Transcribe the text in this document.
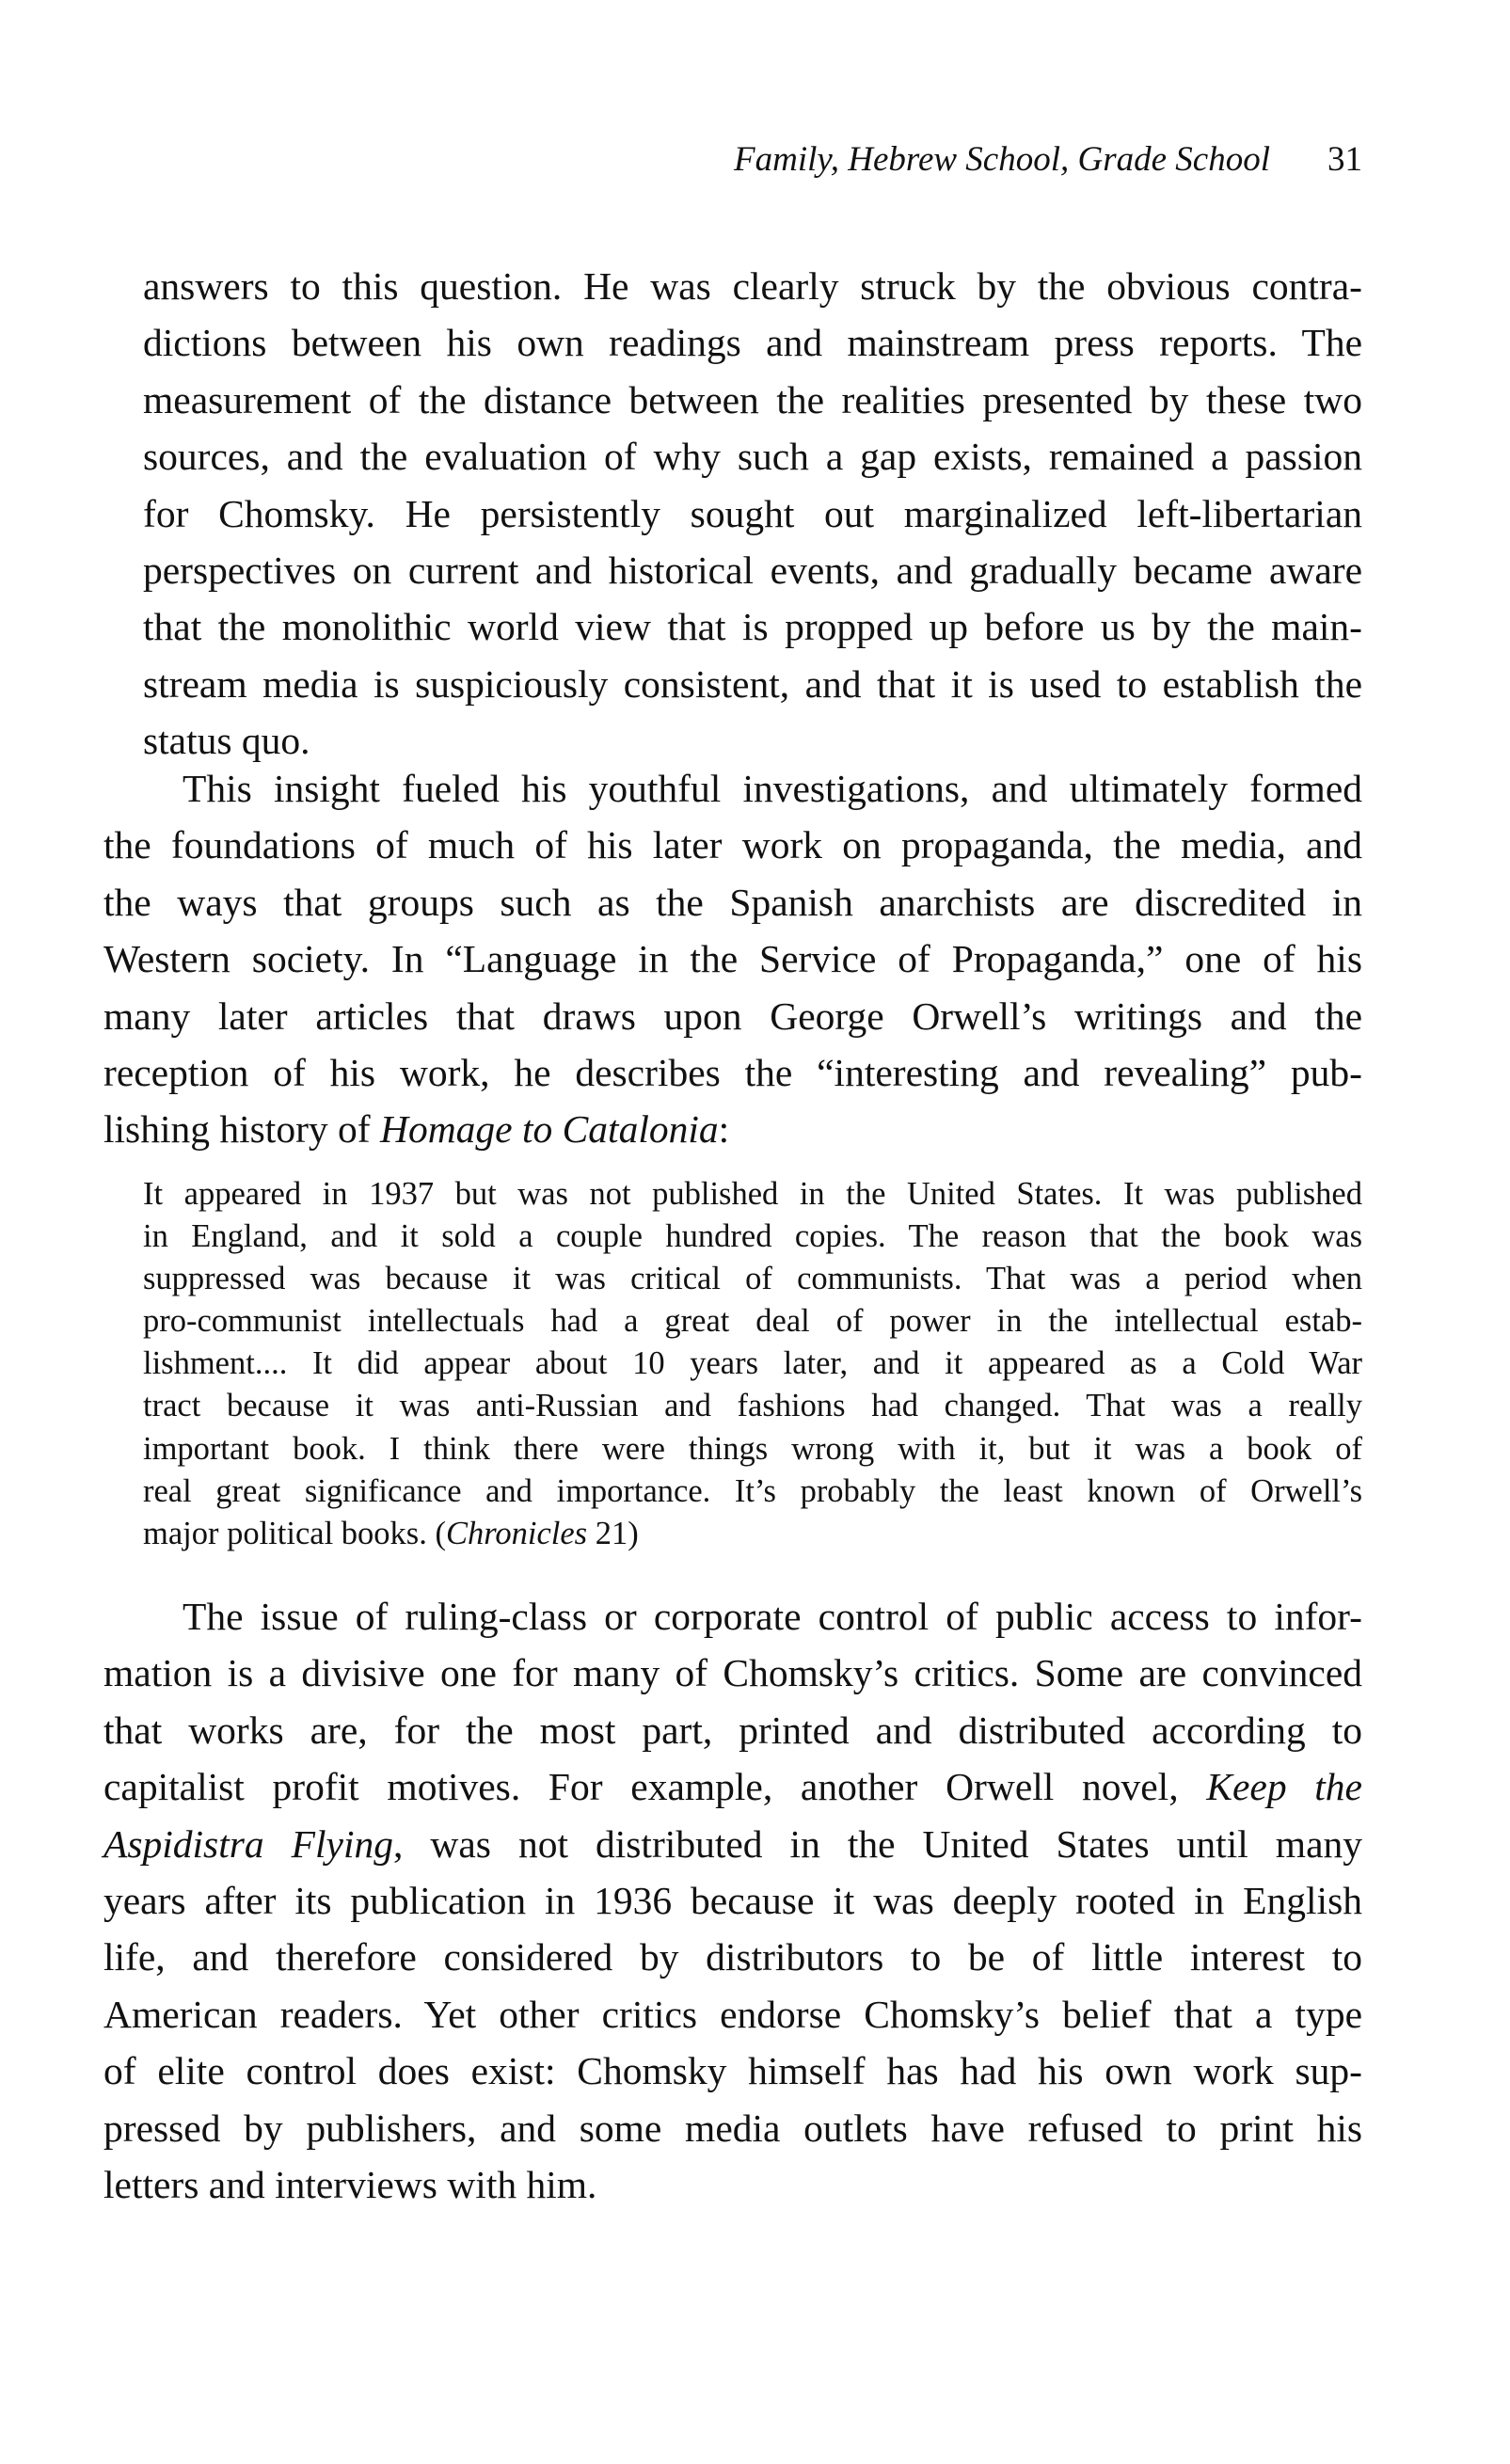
Family, Hebrew School, Grade School 31
answers to this question. He was clearly struck by the obvious contra-
dictions between his own readings and mainstream press reports. The
measurement of the distance between the realities presented by these two
sources, and the evaluation of why such a gap exists, remained a passion
for Chomsky. He persistently sought out marginalized left-libertarian
perspectives on current and historical events, and gradually became aware
that the monolithic world view that is propped up before us by the main-
stream media is suspiciously consistent, and that it is used to establish the
status quo.
This insight fueled his youthful investigations, and ultimately formed
the foundations of much of his later work on propaganda, the media, and
the ways that groups such as the Spanish anarchists are discredited in
Western society. In “Language in the Service of Propaganda,” one of his
many later articles that draws upon George Orwell’s writings and the
reception of his work, he describes the “interesting and revealing” pub-
lishing history of Homage to Catalonia:
It appeared in 1937 but was not published in the United States. It was published
in England, and it sold a couple hundred copies. The reason that the book was
suppressed was because it was critical of communists. That was a period when
pro-communist intellectuals had a great deal of power in the intellectual estab-
lishment.... It did appear about 10 years later, and it appeared as a Cold War
tract because it was anti-Russian and fashions had changed. That was a really
important book. I think there were things wrong with it, but it was a book of
real great significance and importance. It’s probably the least known of Orwell’s
major political books. (Chronicles 21)
The issue of ruling-class or corporate control of public access to infor-
mation is a divisive one for many of Chomsky’s critics. Some are convinced
that works are, for the most part, printed and distributed according to
capitalist profit motives. For example, another Orwell novel, Keep the
Aspidistra Flying, was not distributed in the United States until many
years after its publication in 1936 because it was deeply rooted in English
life, and therefore considered by distributors to be of little interest to
American readers. Yet other critics endorse Chomsky’s belief that a type
of elite control does exist: Chomsky himself has had his own work sup-
pressed by publishers, and some media outlets have refused to print his
letters and interviews with him.
